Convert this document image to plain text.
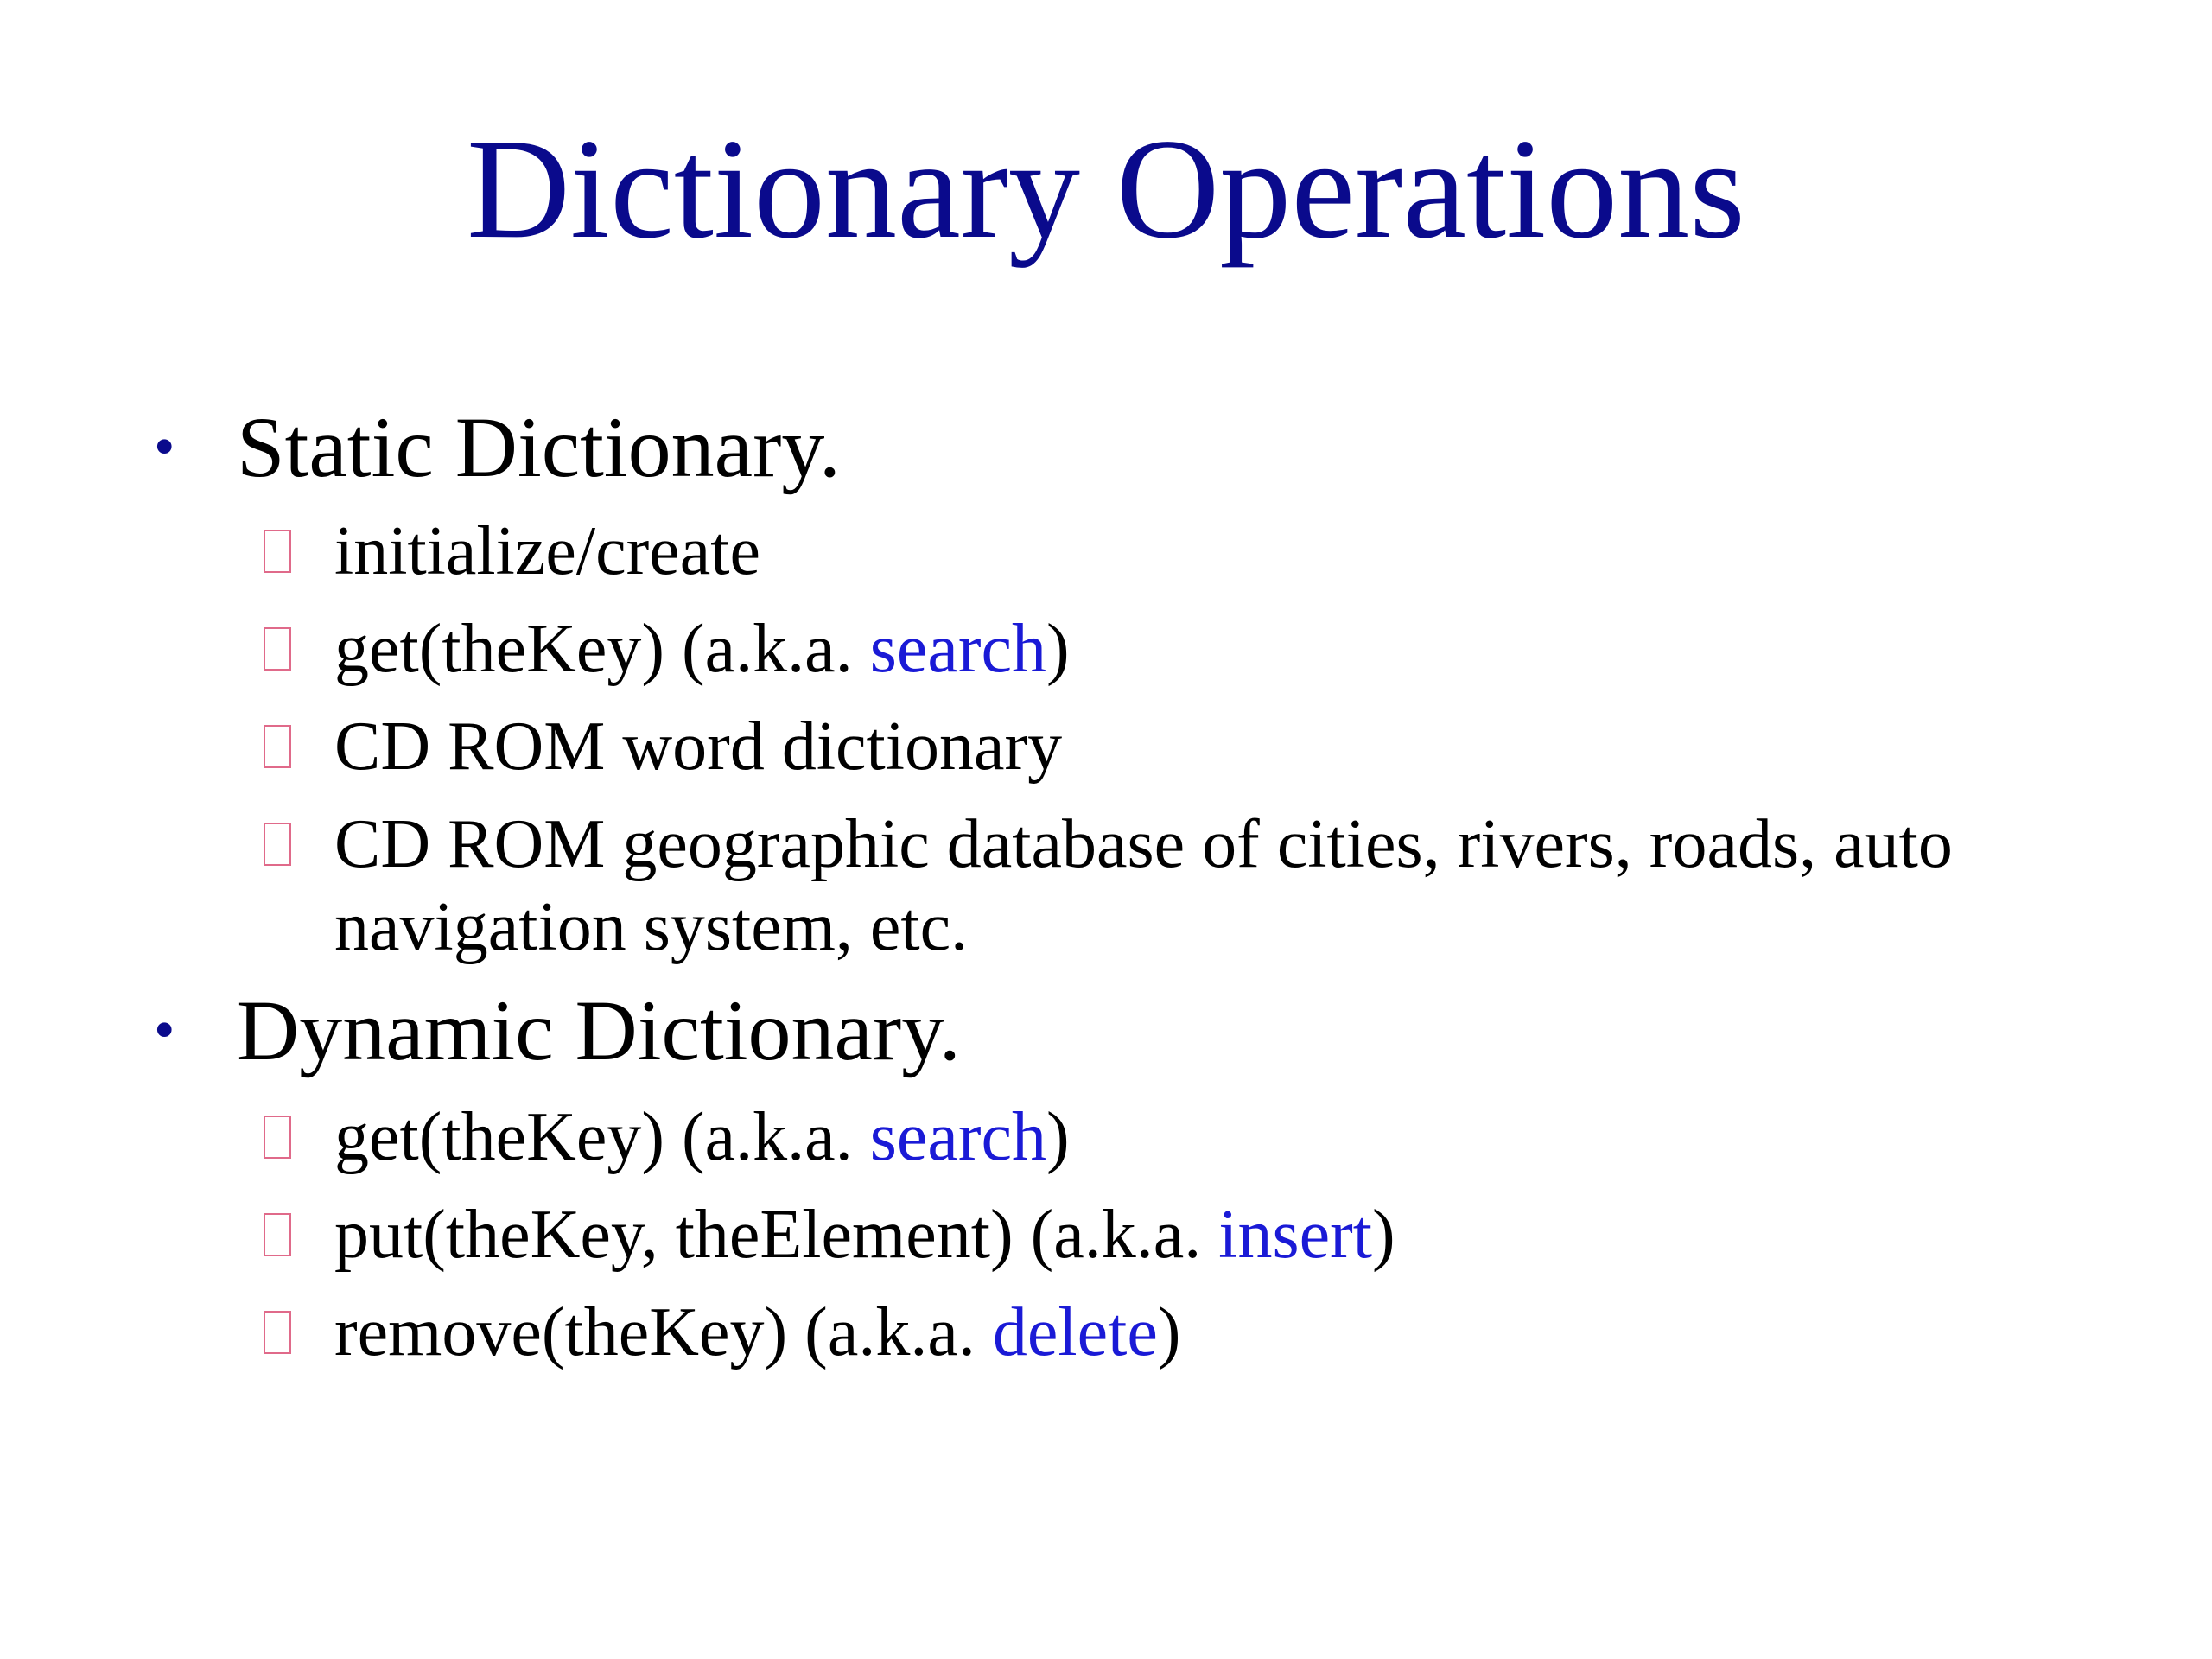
Dictionary Operations
• Static Dictionary.
initialize/create
get(theKey) (a.k.a. search)
CD ROM word dictionary
CD ROM geographic database of cities, rivers, roads, auto navigation system, etc.
• Dynamic Dictionary.
get(theKey) (a.k.a. search)
put(theKey, theElement) (a.k.a. insert)
remove(theKey) (a.k.a. delete)
